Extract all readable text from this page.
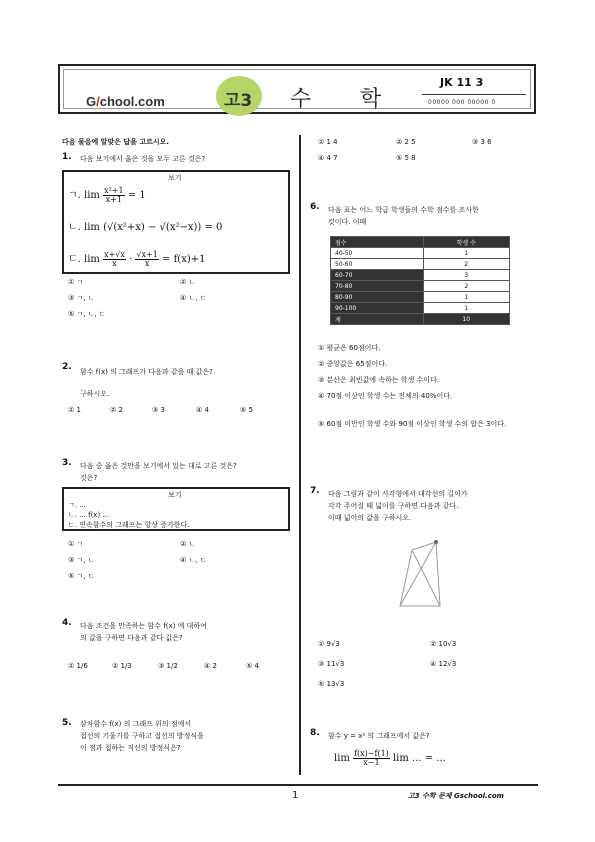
G/chool.com	고3 수 학
JK 11 3
00000 000 00000 0
다음 물음에 알맞은 답을 고르시오.
1. 다음 보기에서 옳은 것을 모두 고른 것은?
보기
ㄱ. $\lim \frac{\text{x²+1}}{x+1} = 1$
ㄴ. lim (√(x²+x) − √(x²−x)) = 0
ㄷ. $\lim \frac{x+√x}{x} \cdot \frac{√x+1}{x} = f(x)+1$
① ㄱ	② ㄴ
③ ㄱ, ㄴ	④ ㄴ, ㄷ
⑤ ㄱ, ㄴ, ㄷ
2. 함수 f(x) 의 그래프가 다음과 같을 때 값은?
구하시오.
① 1	② 2	③ 3	④ 4	⑤ 5
3. 다음 중 옳은 것만을 보기에서 있는 대로 고른 것은?
것은?
보기
ㄱ. ...
ㄴ. ... f(x) ...
ㄷ. 연속함수의 그래프는 항상 증가한다.
① ㄱ	② ㄴ
③ ㄱ, ㄴ	④ ㄴ, ㄷ
⑤ ㄱ, ㄷ
4. 다음 조건을 만족하는 함수 f(x) 에 대하여
의 값을 구하면 다음과 같다 값은?
① 1/6	② 1/3	③ 1/2	④ 2	⑤ 4
5. 삼차함수 f(x) 의 그래프 위의 점에서
접선의 기울기를 구하고 접선의 방정식을
이 점과 접하는 직선의 방정식은?
① 1 4	② 2 5	③ 3 6
④ 4 7	⑤ 5 8
6. 다음 표는 어느 학급 학생들의 수학 점수를 조사한
것이다. 이때
점수	학생 수
40-50	1
50-60	2
60-70	3
70-80	2
80-90	1
90-100	1
계	10
① 평균은 60점이다.
② 중앙값은 65점이다.
③ 분산은 최빈값에 속하는 학생 수이다.
④ 70점 이상인 학생 수는 전체의 40%이다.
⑤ 60점 미만인 학생 수와 90점 이상인 학생 수의 합은 3이다.
7. 다음 그림과 같이 사각형에서 대각선의 길이가
각각 주어질 때 넓이를 구하면 다음과 같다.
이때 넓이의 값을 구하시오.
① 9√3	② 10√3
③ 11√3	④ 12√3
⑤ 13√3
8. 함수 y = x² 의 그래프에서 값은?
$\lim \frac{f(x)-f(1)}{x-1}$ lim ... = ...
1	고3 수학 문제 Gschool.com
